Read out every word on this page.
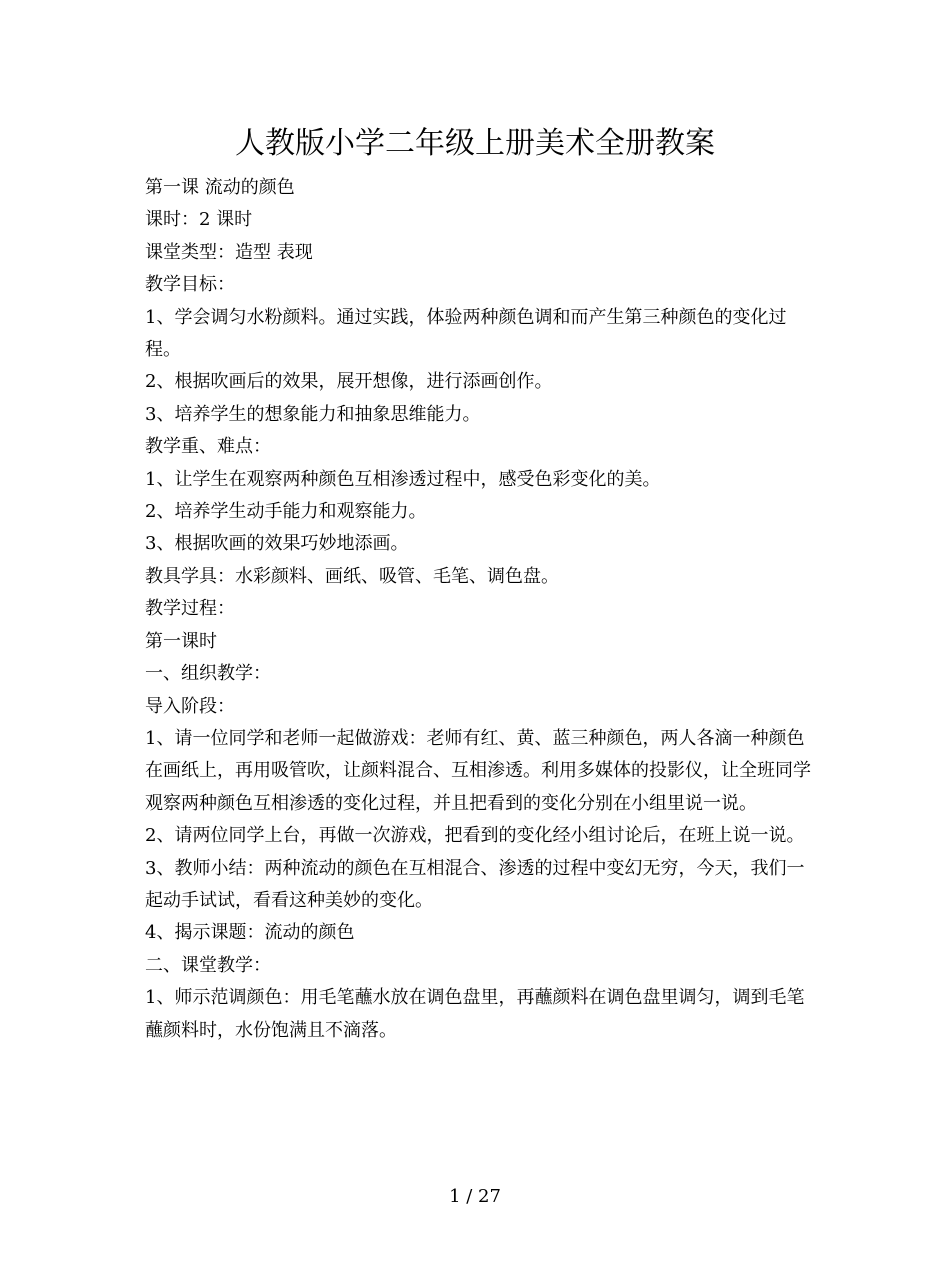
人教版小学二年级上册美术全册教案

第一课 流动的颜色

课时：2 课时

课堂类型：造型 表现

教学目标：

1、学会调匀水粉颜料。通过实践，体验两种颜色调和而产生第三种颜色的变化过程。

2、根据吹画后的效果，展开想像，进行添画创作。

3、培养学生的想象能力和抽象思维能力。

教学重、难点：

1、让学生在观察两种颜色互相渗透过程中，感受色彩变化的美。

2、培养学生动手能力和观察能力。

3、根据吹画的效果巧妙地添画。

教具学具：水彩颜料、画纸、吸管、毛笔、调色盘。

教学过程：

第一课时

一、组织教学：

导入阶段：

1、请一位同学和老师一起做游戏：老师有红、黄、蓝三种颜色，两人各滴一种颜色在画纸上，再用吸管吹，让颜料混合、互相渗透。利用多媒体的投影仪，让全班同学观察两种颜色互相渗透的变化过程，并且把看到的变化分别在小组里说一说。

2、请两位同学上台，再做一次游戏，把看到的变化经小组讨论后，在班上说一说。

3、教师小结：两种流动的颜色在互相混合、渗透的过程中变幻无穷，今天，我们一起动手试试，看看这种美妙的变化。

4、揭示课题：流动的颜色

二、课堂教学：

1、师示范调颜色：用毛笔蘸水放在调色盘里，再蘸颜料在调色盘里调匀，调到毛笔蘸颜料时，水份饱满且不滴落。

1 / 27
